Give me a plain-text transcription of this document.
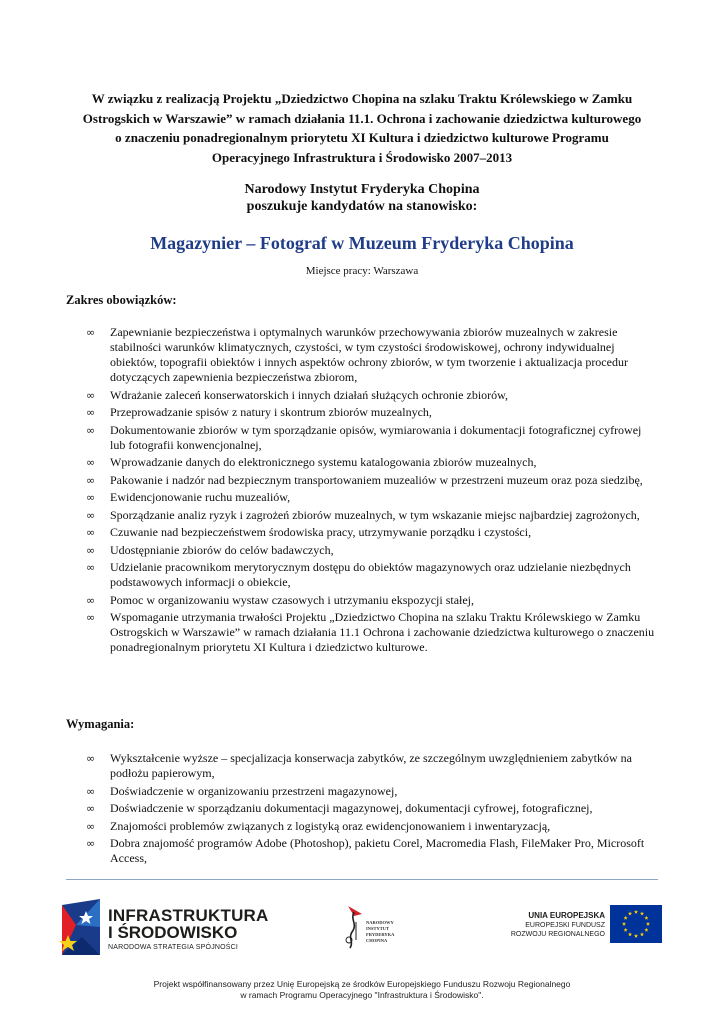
W związku z realizacją Projektu „Dziedzictwo Chopina na szlaku Traktu Królewskiego w Zamku
Ostrogskich w Warszawie” w ramach działania 11.1. Ochrona i zachowanie dziedzictwa kulturowego
o znaczeniu ponadregionalnym priorytetu XI Kultura i dziedzictwo kulturowe Programu
Operacyjnego Infrastruktura i Środowisko 2007–2013
Narodowy Instytut Fryderyka Chopina
poszukuje kandydatów na stanowisko:
Magazynier – Fotograf w Muzeum Fryderyka Chopina
Miejsce pracy: Warszawa
Zakres obowiązków:
∞ Zapewnianie bezpieczeństwa i optymalnych warunków przechowywania zbiorów muzealnych w zakresie stabilności warunków klimatycznych, czystości, w tym czystości środowiskowej, ochrony indywidualnej obiektów, topografii obiektów i innych aspektów ochrony zbiorów, w tym tworzenie i aktualizacja procedur dotyczących zapewnienia bezpieczeństwa zbiorom,
∞ Wdrażanie zaleceń konserwatorskich i innych działań służących ochronie zbiorów,
∞ Przeprowadzanie spisów z natury i skontrum zbiorów muzealnych,
∞ Dokumentowanie zbiorów w tym sporządzanie opisów, wymiarowania i dokumentacji fotograficznej cyfrowej lub fotografii konwencjonalnej,
∞ Wprowadzanie danych do elektronicznego systemu katalogowania zbiorów muzealnych,
∞ Pakowanie i nadzór nad bezpiecznym transportowaniem muzealiów w przestrzeni muzeum oraz poza siedzibę,
∞ Ewidencjonowanie ruchu muzealiów,
∞ Sporządzanie analiz ryzyk i zagrożeń zbiorów muzealnych, w tym wskazanie miejsc najbardziej zagrożonych,
∞ Czuwanie nad bezpieczeństwem środowiska pracy, utrzymywanie porządku i czystości,
∞ Udostępnianie zbiorów do celów badawczych,
∞ Udzielanie pracownikom merytorycznym dostępu do obiektów magazynowych oraz udzielanie niezbędnych podstawowych informacji o obiekcie,
∞ Pomoc w organizowaniu wystaw czasowych i utrzymaniu ekspozycji stałej,
∞ Wspomaganie utrzymania trwałości Projektu „Dziedzictwo Chopina na szlaku Traktu Królewskiego w Zamku Ostrogskich w Warszawie” w ramach działania 11.1 Ochrona i zachowanie dziedzictwa kulturowego o znaczeniu ponadregionalnym priorytetu XI Kultura i dziedzictwo kulturowe.
Wymagania:
∞ Wykształcenie wyższe – specjalizacja konserwacja zabytków, ze szczególnym uwzględnieniem zabytków na podłożu papierowym,
∞ Doświadczenie w organizowaniu przestrzeni magazynowej,
∞ Doświadczenie w sporządzaniu dokumentacji magazynowej, dokumentacji cyfrowej, fotograficznej,
∞ Znajomości problemów związanych z logistyką oraz ewidencjonowaniem i inwentaryzacją,
∞ Dobra znajomość programów Adobe (Photoshop), pakietu Corel, Macromedia Flash, FileMaker Pro, Microsoft Access,
INFRASTRUKTURA
I ŚRODOWISKO
NARODOWA STRATEGIA SPÓJNOŚCI
NARODOWY
INSTYTUT
FRYDERYKA
CHOPINA
UNIA EUROPEJSKA
EUROPEJSKI FUNDUSZ
ROZWOJU REGIONALNEGO
Projekt współfinansowany przez Unię Europejską ze środków Europejskiego Funduszu Rozwoju Regionalnego
w ramach Programu Operacyjnego "Infrastruktura i Środowisko".
